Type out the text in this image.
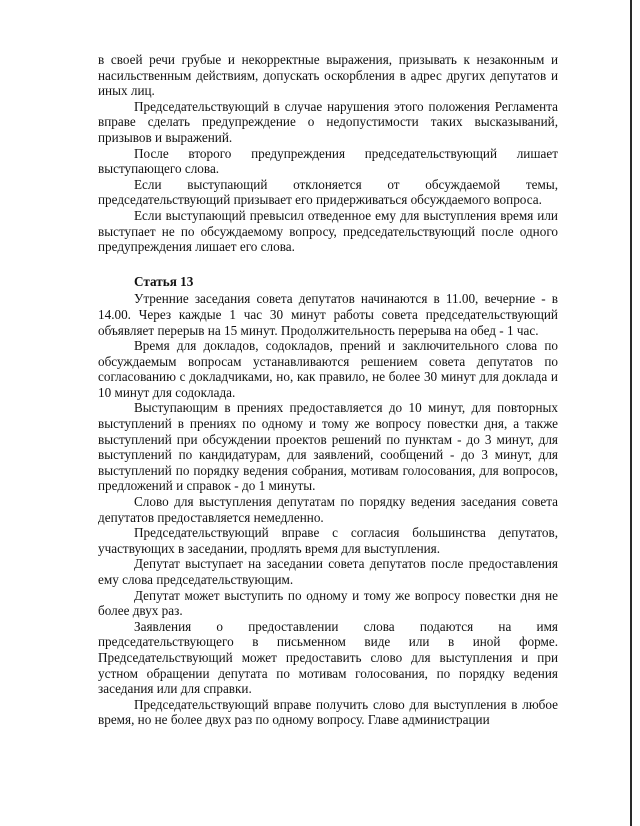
в своей речи грубые и некорректные выражения, призывать к незаконным и насильственным действиям, допускать оскорбления в адрес других депутатов и иных лиц.

Председательствующий в случае нарушения этого положения Регламента вправе сделать предупреждение о недопустимости таких высказываний, призывов и выражений.

После второго предупреждения председательствующий лишает выступающего слова.

Если выступающий отклоняется от обсуждаемой темы, председательствующий призывает его придерживаться обсуждаемого вопроса.

Если выступающий превысил отведенное ему для выступления время или выступает не по обсуждаемому вопросу, председательствующий после одного предупреждения лишает его слова.

Статья 13

Утренние заседания совета депутатов начинаются в 11.00, вечерние - в 14.00. Через каждые 1 час 30 минут работы совета председательствующий объявляет перерыв на 15 минут. Продолжительность перерыва на обед - 1 час.

Время для докладов, содокладов, прений и заключительного слова по обсуждаемым вопросам устанавливаются решением совета депутатов по согласованию с докладчиками, но, как правило, не более 30 минут для доклада и 10 минут для содоклада.

Выступающим в прениях предоставляется до 10 минут, для повторных выступлений в прениях по одному и тому же вопросу повестки дня, а также выступлений при обсуждении проектов решений по пунктам - до 3 минут, для выступлений по кандидатурам, для заявлений, сообщений - до 3 минут, для выступлений по порядку ведения собрания, мотивам голосования, для вопросов, предложений и справок - до 1 минуты.

Слово для выступления депутатам по порядку ведения заседания совета депутатов предоставляется немедленно.

Председательствующий вправе с согласия большинства депутатов, участвующих в заседании, продлять время для выступления.

Депутат выступает на заседании совета депутатов после предоставления ему слова председательствующим.

Депутат может выступить по одному и тому же вопросу повестки дня не более двух раз.

Заявления о предоставлении слова подаются на имя председательствующего в письменном виде или в иной форме. Председательствующий может предоставить слово для выступления и при устном обращении депутата по мотивам голосования, по порядку ведения заседания или для справки.

Председательствующий вправе получить слово для выступления в любое время, но не более двух раз по одному вопросу. Главе администрации
